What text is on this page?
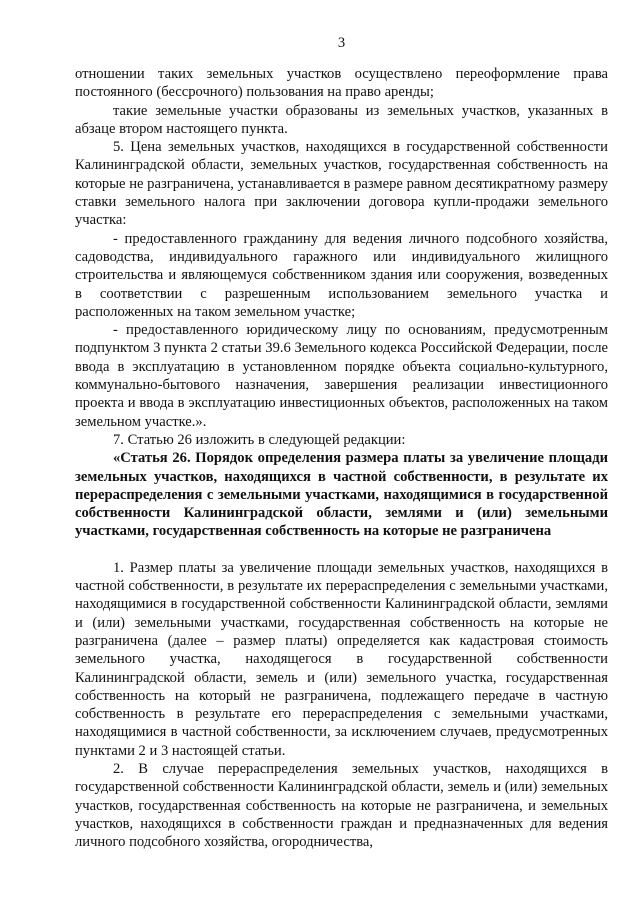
3

отношении таких земельных участков осуществлено переоформление права постоянного (бессрочного) пользования на право аренды;

такие земельные участки образованы из земельных участков, указанных в абзаце втором настоящего пункта.

5. Цена земельных участков, находящихся в государственной собственности Калининградской области, земельных участков, государственная собственность на которые не разграничена, устанавливается в размере равном десятикратному размеру ставки земельного налога при заключении договора купли-продажи земельного участка:

- предоставленного гражданину для ведения личного подсобного хозяйства, садоводства, индивидуального гаражного или индивидуального жилищного строительства и являющемуся собственником здания или сооружения, возведенных в соответствии с разрешенным использованием земельного участка и расположенных на таком земельном участке;

- предоставленного юридическому лицу по основаниям, предусмотренным подпунктом 3 пункта 2 статьи 39.6 Земельного кодекса Российской Федерации, после ввода в эксплуатацию в установленном порядке объекта социально-культурного, коммунально-бытового назначения, завершения реализации инвестиционного проекта и ввода в эксплуатацию инвестиционных объектов, расположенных на таком земельном участке.».

7. Статью 26 изложить в следующей редакции:

«Статья 26. Порядок определения размера платы за увеличение площади земельных участков, находящихся в частной собственности, в результате их перераспределения с земельными участками, находящимися в государственной собственности Калининградской области, землями и (или) земельными участками, государственная собственность на которые не разграничена

1. Размер платы за увеличение площади земельных участков, находящихся в частной собственности, в результате их перераспределения с земельными участками, находящимися в государственной собственности Калининградской области, землями и (или) земельными участками, государственная собственность на которые не разграничена (далее – размер платы) определяется как кадастровая стоимость земельного участка, находящегося в государственной собственности Калининградской области, земель и (или) земельного участка, государственная собственность на который не разграничена, подлежащего передаче в частную собственность в результате его перераспределения с земельными участками, находящимися в частной собственности, за исключением случаев, предусмотренных пунктами 2 и 3 настоящей статьи.

2. В случае перераспределения земельных участков, находящихся в государственной собственности Калининградской области, земель и (или) земельных участков, государственная собственность на которые не разграничена, и земельных участков, находящихся в собственности граждан и предназначенных для ведения личного подсобного хозяйства, огородничества,
